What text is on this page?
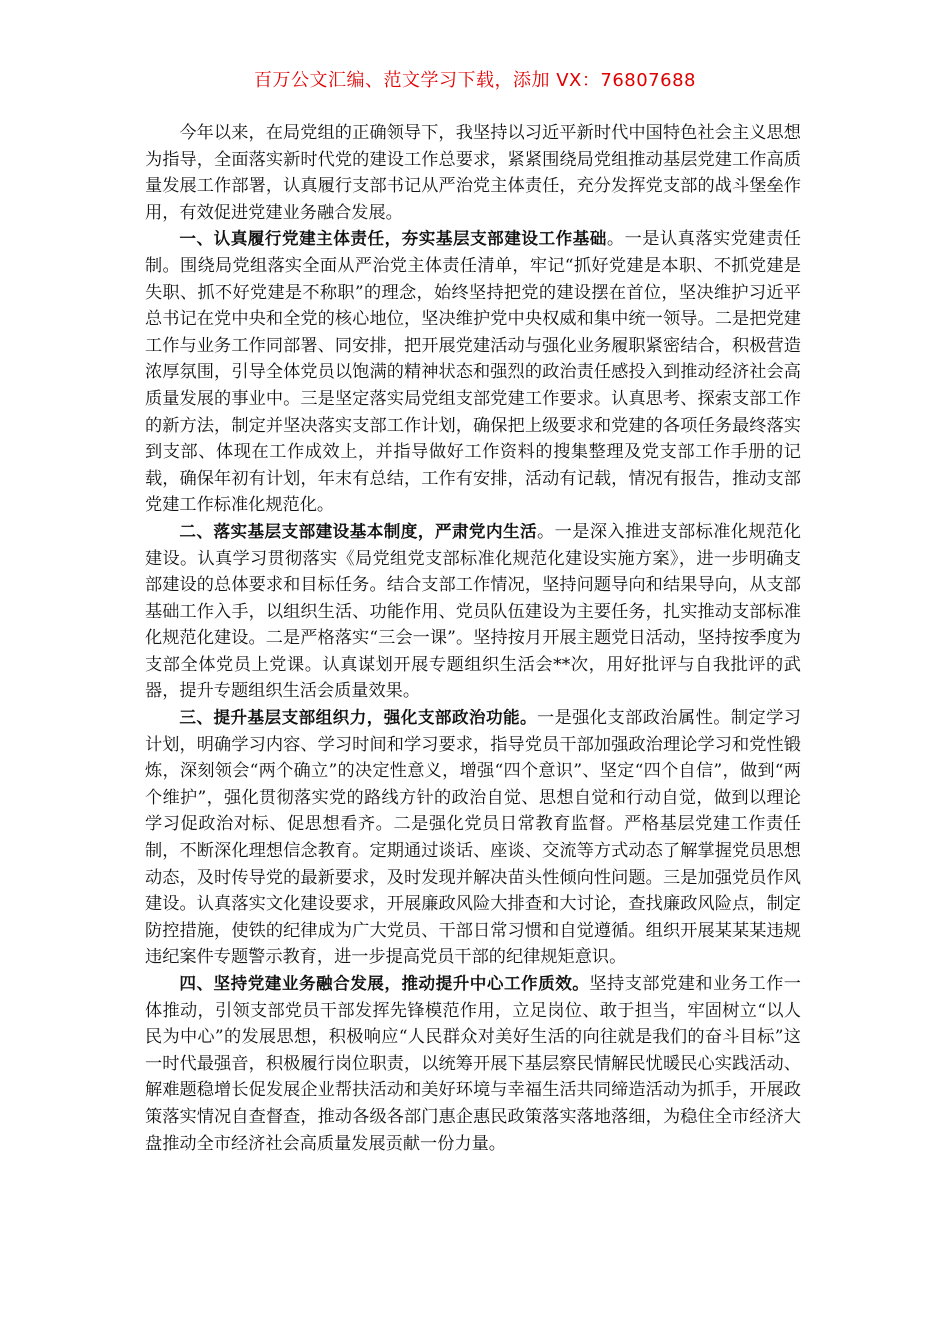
百万公文汇编、范文学习下载，添加 VX：76807688

今年以来，在局党组的正确领导下，我坚持以习近平新时代中国特色社会主义思想为指导，全面落实新时代党的建设工作总要求，紧紧围绕局党组推动基层党建工作高质量发展工作部署，认真履行支部书记从严治党主体责任，充分发挥党支部的战斗堡垒作用，有效促进党建业务融合发展。

一、认真履行党建主体责任，夯实基层支部建设工作基础。一是认真落实党建责任制。围绕局党组落实全面从严治党主体责任清单，牢记“抓好党建是本职、不抓党建是失职、抓不好党建是不称职”的理念，始终坚持把党的建设摆在首位，坚决维护习近平总书记在党中央和全党的核心地位，坚决维护党中央权威和集中统一领导。二是把党建工作与业务工作同部署、同安排，把开展党建活动与强化业务履职紧密结合，积极营造浓厚氛围，引导全体党员以饱满的精神状态和强烈的政治责任感投入到推动经济社会高质量发展的事业中。三是坚定落实局党组支部党建工作要求。认真思考、探索支部工作的新方法，制定并坚决落实支部工作计划，确保把上级要求和党建的各项任务最终落实到支部、体现在工作成效上，并指导做好工作资料的搜集整理及党支部工作手册的记载，确保年初有计划，年末有总结，工作有安排，活动有记载，情况有报告，推动支部党建工作标准化规范化。

二、落实基层支部建设基本制度，严肃党内生活。一是深入推进支部标准化规范化建设。认真学习贯彻落实《局党组党支部标准化规范化建设实施方案》，进一步明确支部建设的总体要求和目标任务。结合支部工作情况，坚持问题导向和结果导向，从支部基础工作入手，以组织生活、功能作用、党员队伍建设为主要任务，扎实推动支部标准化规范化建设。二是严格落实“三会一课”。坚持按月开展主题党日活动，坚持按季度为支部全体党员上党课。认真谋划开展专题组织生活会**次，用好批评与自我批评的武器，提升专题组织生活会质量效果。

三、提升基层支部组织力，强化支部政治功能。一是强化支部政治属性。制定学习计划，明确学习内容、学习时间和学习要求，指导党员干部加强政治理论学习和党性锻炼，深刻领会“两个确立”的决定性意义，增强“四个意识”、坚定“四个自信”，做到“两个维护”，强化贯彻落实党的路线方针的政治自觉、思想自觉和行动自觉，做到以理论学习促政治对标、促思想看齐。二是强化党员日常教育监督。严格基层党建工作责任制，不断深化理想信念教育。定期通过谈话、座谈、交流等方式动态了解掌握党员思想动态，及时传导党的最新要求，及时发现并解决苗头性倾向性问题。三是加强党员作风建设。认真落实文化建设要求，开展廉政风险大排查和大讨论，查找廉政风险点，制定防控措施，使铁的纪律成为广大党员、干部日常习惯和自觉遵循。组织开展某某某违规违纪案件专题警示教育，进一步提高党员干部的纪律规矩意识。

四、坚持党建业务融合发展，推动提升中心工作质效。坚持支部党建和业务工作一体推动，引领支部党员干部发挥先锋模范作用，立足岗位、敢于担当，牢固树立“以人民为中心”的发展思想，积极响应“人民群众对美好生活的向往就是我们的奋斗目标”这一时代最强音，积极履行岗位职责，以统筹开展下基层察民情解民忧暖民心实践活动、解难题稳增长促发展企业帮扶活动和美好环境与幸福生活共同缔造活动为抓手，开展政策落实情况自查督查，推动各级各部门惠企惠民政策落实落地落细，为稳住全市经济大盘推动全市经济社会高质量发展贡献一份力量。
